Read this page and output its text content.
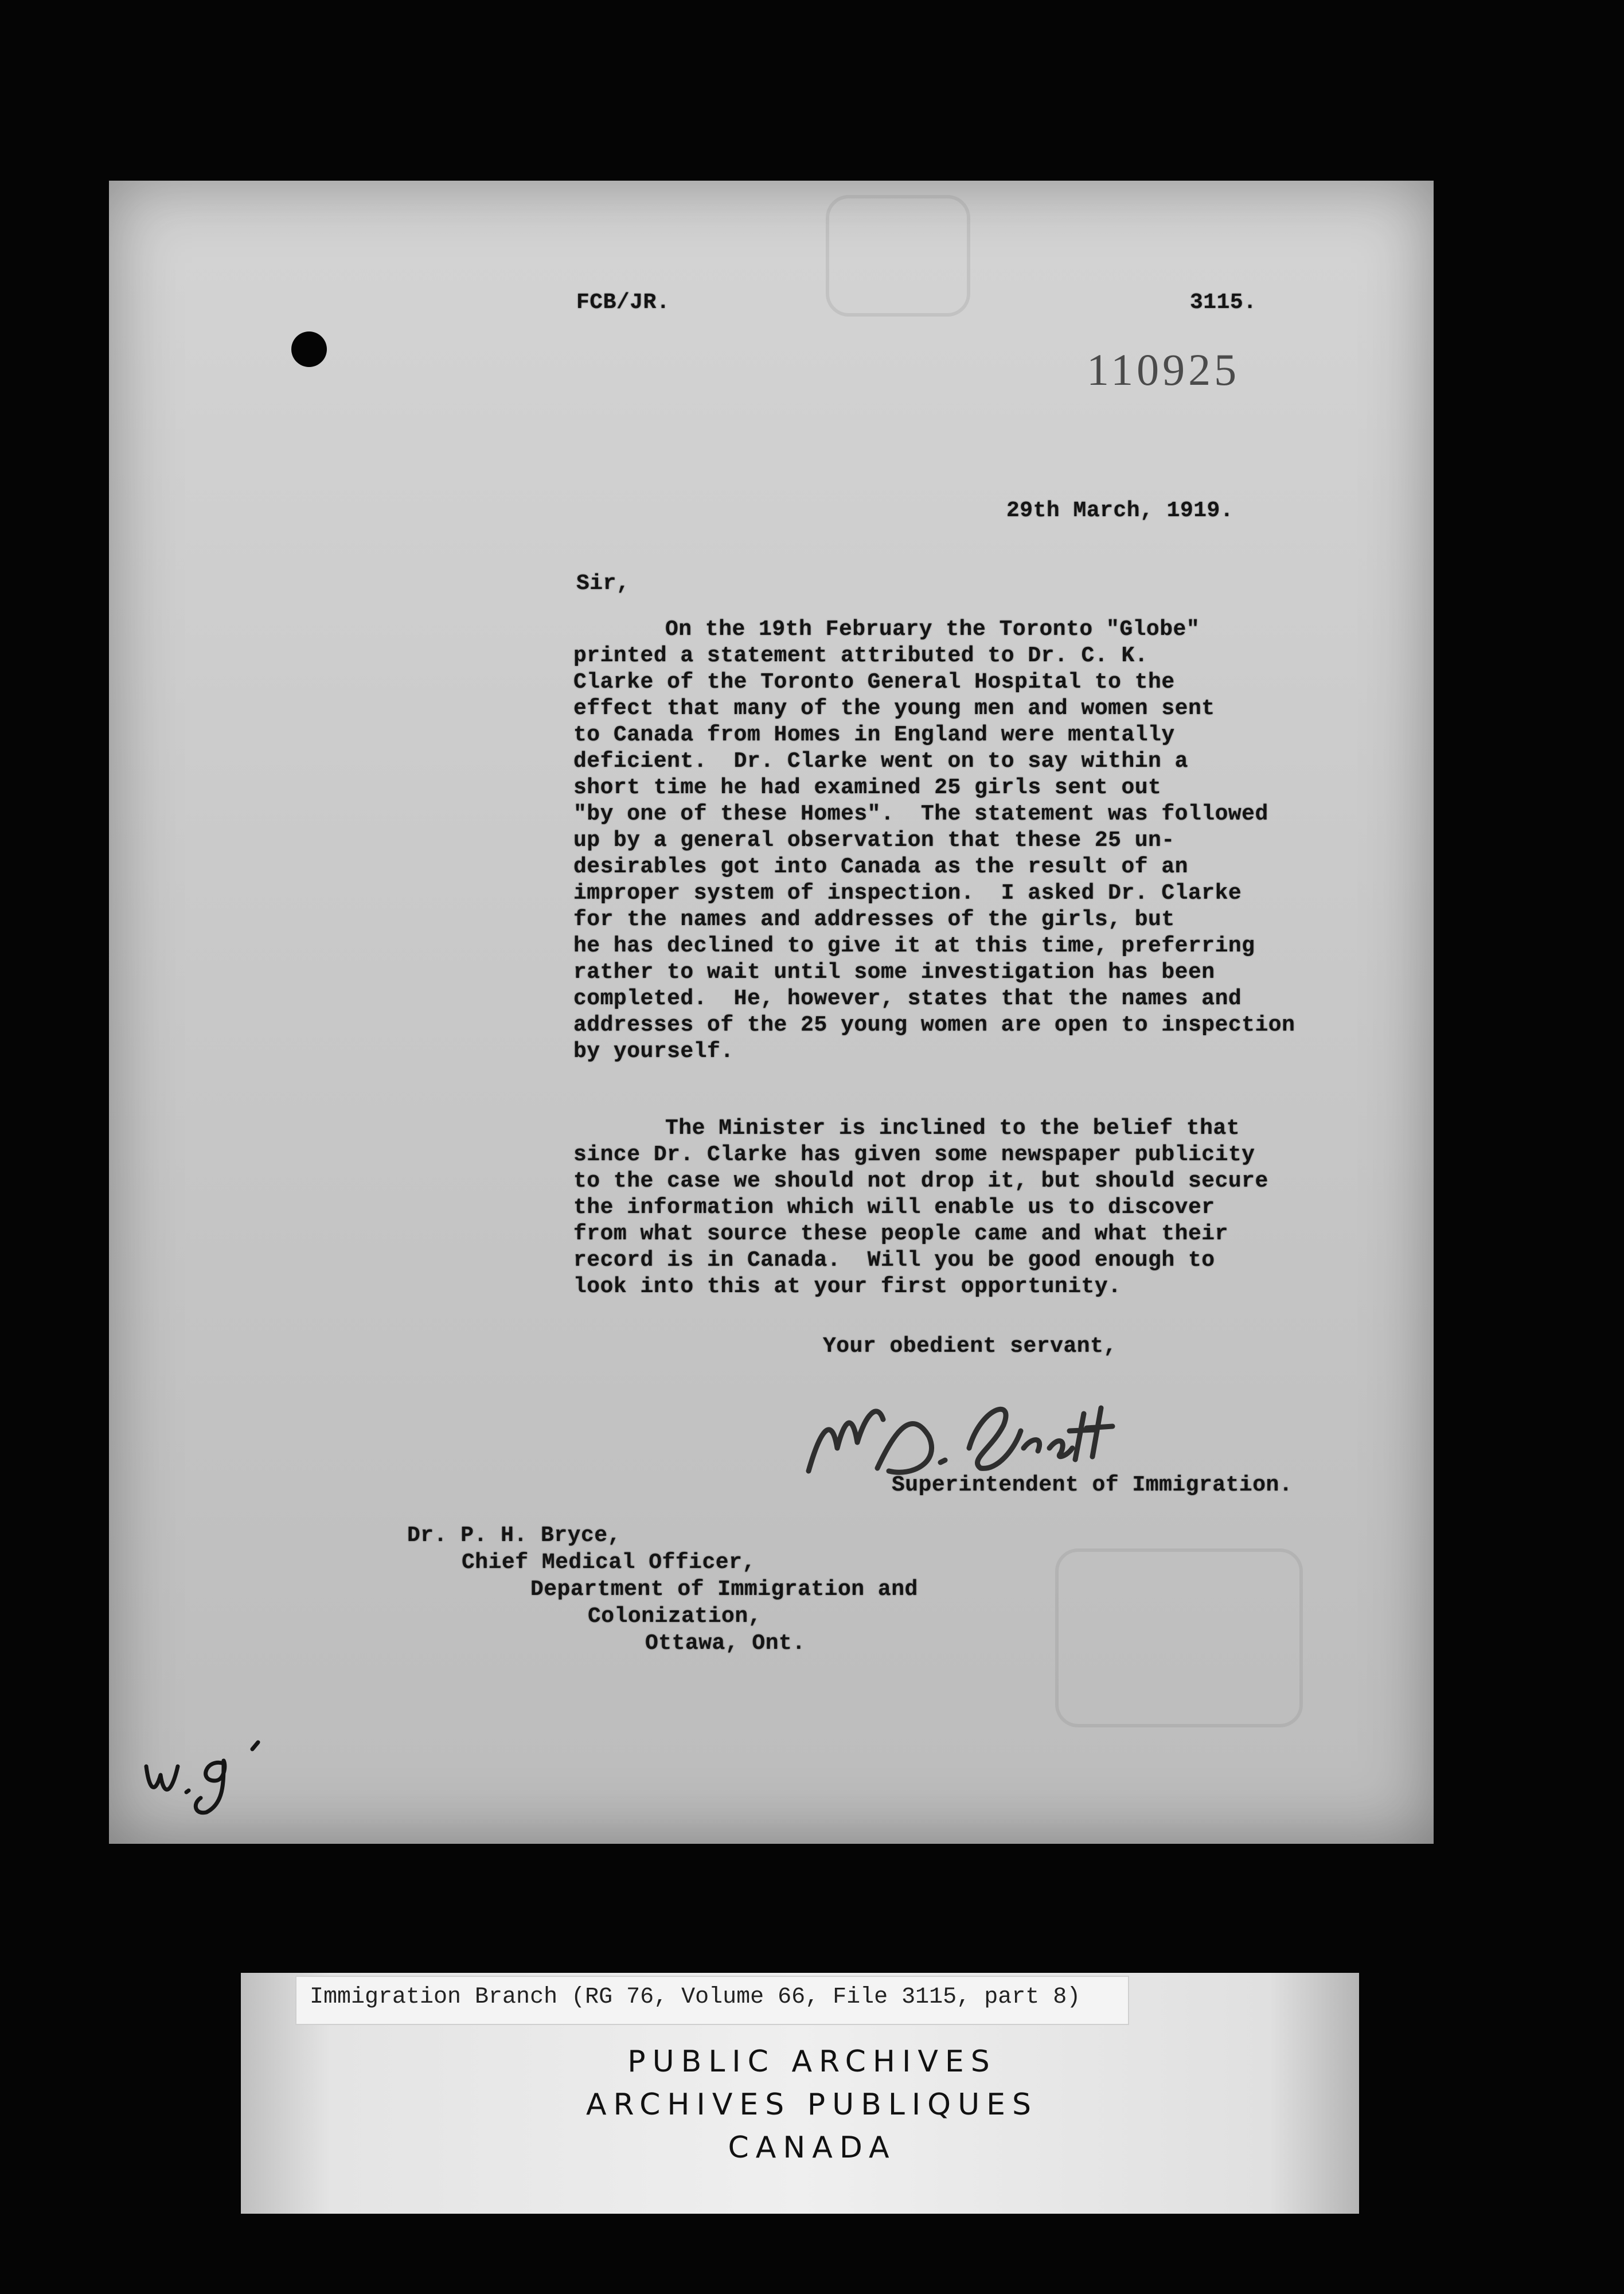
FCB/JR.	3115.
110925
29th March, 1919.
Sir,
On the 19th February the Toronto "Globe"
printed a statement attributed to Dr. C. K.
Clarke of the Toronto General Hospital to the
effect that many of the young men and women sent
to Canada from Homes in England were mentally
deficient.  Dr. Clarke went on to say within a
short time he had examined 25 girls sent out
"by one of these Homes".  The statement was followed
up by a general observation that these 25 un-
desirables got into Canada as the result of an
improper system of inspection.  I asked Dr. Clarke
for the names and addresses of the girls, but
he has declined to give it at this time, preferring
rather to wait until some investigation has been
completed.  He, however, states that the names and
addresses of the 25 young women are open to inspection
by yourself.
The Minister is inclined to the belief that
since Dr. Clarke has given some newspaper publicity
to the case we should not drop it, but should secure
the information which will enable us to discover
from what source these people came and what their
record is in Canada.  Will you be good enough to
look into this at your first opportunity.
Your obedient servant,
Superintendent of Immigration.
Dr. P. H. Bryce,
Chief Medical Officer,
Department of Immigration and
Colonization,
Ottawa, Ont.
Immigration Branch (RG 76, Volume 66, File 3115, part 8)
PUBLIC ARCHIVES
ARCHIVES PUBLIQUES
CANADA
